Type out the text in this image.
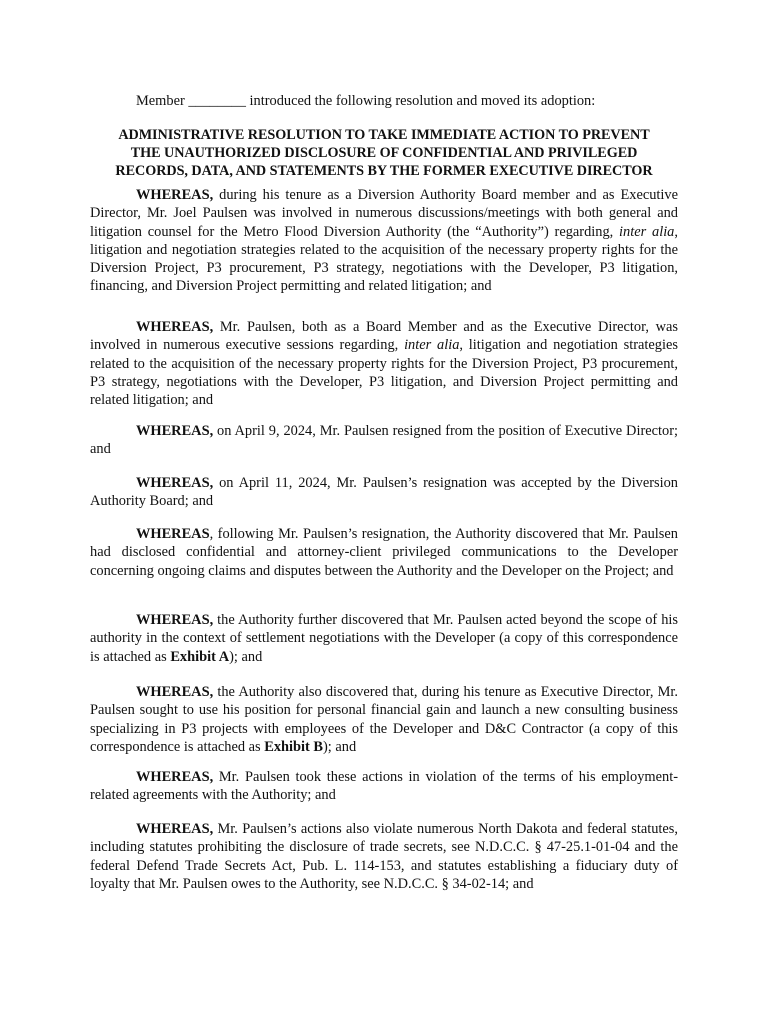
Member ________ introduced the following resolution and moved its adoption:
ADMINISTRATIVE RESOLUTION TO TAKE IMMEDIATE ACTION TO PREVENT
THE UNAUTHORIZED DISCLOSURE OF CONFIDENTIAL AND PRIVILEGED
RECORDS, DATA, AND STATEMENTS BY THE FORMER EXECUTIVE DIRECTOR

WHEREAS, during his tenure as a Diversion Authority Board member and as Executive Director, Mr. Joel Paulsen was involved in numerous discussions/meetings with both general and litigation counsel for the Metro Flood Diversion Authority (the “Authority”) regarding, inter alia, litigation and negotiation strategies related to the acquisition of the necessary property rights for the Diversion Project, P3 procurement, P3 strategy, negotiations with the Developer, P3 litigation, financing, and Diversion Project permitting and related litigation; and

WHEREAS, Mr. Paulsen, both as a Board Member and as the Executive Director, was involved in numerous executive sessions regarding, inter alia, litigation and negotiation strategies related to the acquisition of the necessary property rights for the Diversion Project, P3 procurement, P3 strategy, negotiations with the Developer, P3 litigation, and Diversion Project permitting and related litigation; and

WHEREAS, on April 9, 2024, Mr. Paulsen resigned from the position of Executive Director; and

WHEREAS, on April 11, 2024, Mr. Paulsen’s resignation was accepted by the Diversion Authority Board; and

WHEREAS, following Mr. Paulsen’s resignation, the Authority discovered that Mr. Paulsen had disclosed confidential and attorney-client privileged communications to the Developer concerning ongoing claims and disputes between the Authority and the Developer on the Project; and

WHEREAS, the Authority further discovered that Mr. Paulsen acted beyond the scope of his authority in the context of settlement negotiations with the Developer (a copy of this correspondence is attached as Exhibit A); and

WHEREAS, the Authority also discovered that, during his tenure as Executive Director, Mr. Paulsen sought to use his position for personal financial gain and launch a new consulting business specializing in P3 projects with employees of the Developer and D&C Contractor (a copy of this correspondence is attached as Exhibit B); and

WHEREAS, Mr. Paulsen took these actions in violation of the terms of his employment-related agreements with the Authority; and

WHEREAS, Mr. Paulsen’s actions also violate numerous North Dakota and federal statutes, including statutes prohibiting the disclosure of trade secrets, see N.D.C.C. § 47-25.1-01-04 and the federal Defend Trade Secrets Act, Pub. L. 114-153, and statutes establishing a fiduciary duty of loyalty that Mr. Paulsen owes to the Authority, see N.D.C.C. § 34-02-14; and
